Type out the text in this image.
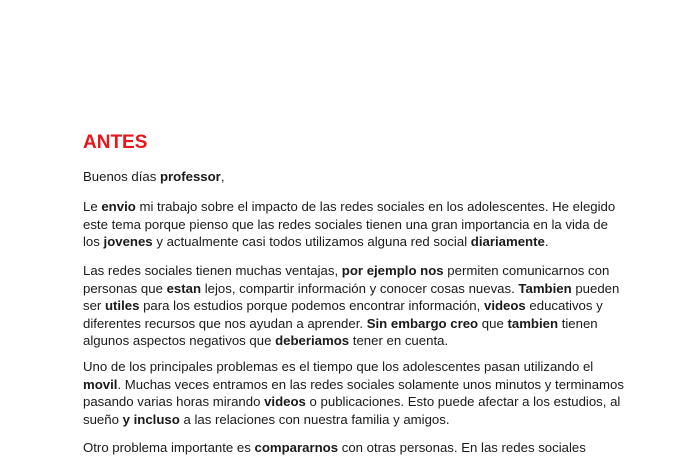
ANTES

Buenos días professor,

Le envio mi trabajo sobre el impacto de las redes sociales en los adolescentes. He elegido
este tema porque pienso que las redes sociales tienen una gran importancia en la vida de
los jovenes y actualmente casi todos utilizamos alguna red social diariamente.

Las redes sociales tienen muchas ventajas, por ejemplo nos permiten comunicarnos con
personas que estan lejos, compartir información y conocer cosas nuevas. Tambien pueden
ser utiles para los estudios porque podemos encontrar información, videos educativos y
diferentes recursos que nos ayudan a aprender. Sin embargo creo que tambien tienen
algunos aspectos negativos que deberiamos tener en cuenta.

Uno de los principales problemas es el tiempo que los adolescentes pasan utilizando el
movil. Muchas veces entramos en las redes sociales solamente unos minutos y terminamos
pasando varias horas mirando videos o publicaciones. Esto puede afectar a los estudios, al
sueño y incluso a las relaciones con nuestra familia y amigos.

Otro problema importante es compararnos con otras personas. En las redes sociales
